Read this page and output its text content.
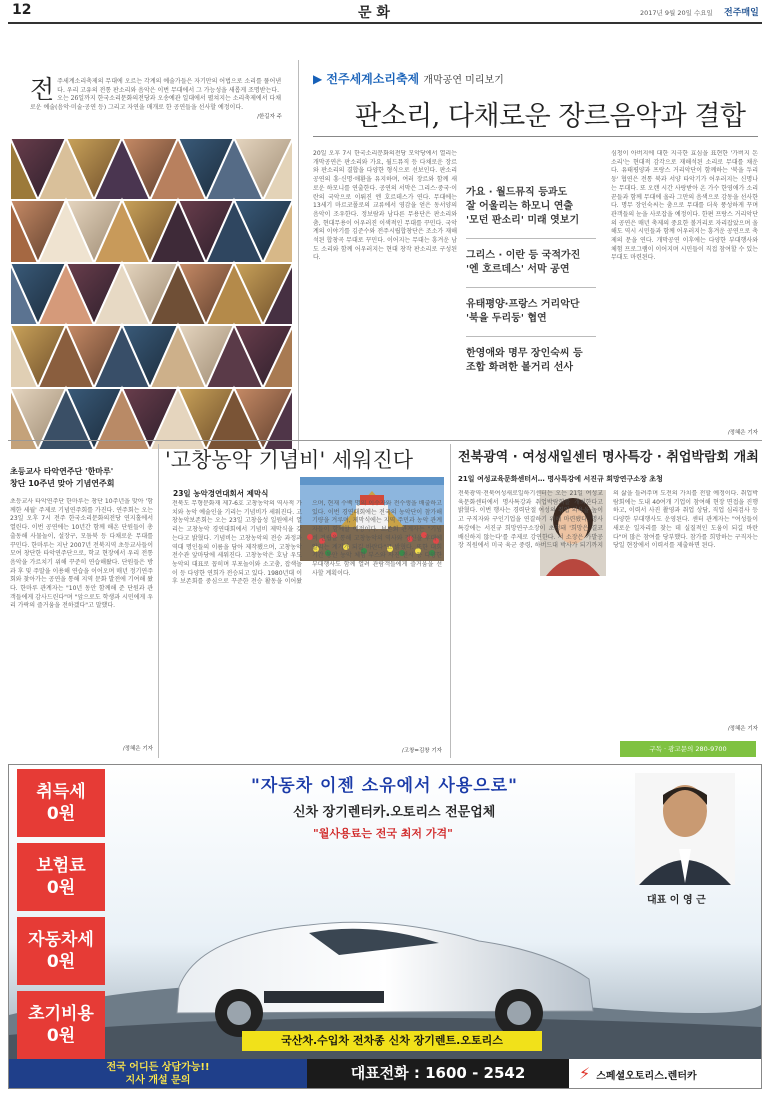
12	문 화	2017년 9월 20일 수요일 전주매일
전 주세계소리축제의 무대에 오르는 각계의 예술가들은 자기만의 어법으로 소리를 풀어낸다. 우리 고유의 전통 판소리와 음악은 이번 무대에서 그 가능성을 새롭게 조명받는다. 오는 26일까지 한국소리문화의전당과 오송예관 일대에서 펼쳐지는 소리축제에서 다채로운 예술(음악·미술·공연 등) 그리고 자연을 매개로 한 공연들을 선사할 예정이다.
/한길자 주
▶ 전주세계소리축제 개막공연 미리보기
판소리, 다채로운 장르음악과 결합
20일 오후 7시 한국소리문화의전당 모악당에서 열리는 개막공연은 판소리와 가요, 월드뮤직 등 다채로운 장르와 판소리의 결합을 다양한 형식으로 선보인다. 판소리 공연의 흥·신명·애환을 유지하며, 여러 장르와 함께 새로운 하모니를 연출한다. 공연의 서막은 그리스·중국·이란의 국악으로 이뤄진 엔 호르데스가 연다. 무대에는 13세기 마르코폴로의 교류에서 영감을 얻은 동서양의 음악이 조우한다. 정보람과 남다른 무용단은 판소리와 춤, 현대무용이 어우러진 이색적인 무대를 꾸민다. 국악계의 이야기를 김준수와 전주시립합창단은 조소가 재해석된 합창곡 무대로 꾸민다. 이어지는 무대는 흥겨운 남도 소리와 함께 어우러지는 현대 창작 판소리로 구성된다.
가요 · 월드뮤직 등과도
잘 어울리는 하모니 연출
'모던 판소리' 미래 엿보기
그리스 · 이란 등 국적가진
'엔 호르데스' 서막 공연
유태평양·프랑스 거리악단
'북을 두리둥' 협연
한영애와 명무 장인숙씨 등
조합 화려한 볼거리 선사
심청이 아버지에 대한 지극한 효심을 표현한 '가버지 돈소리'는 현대적 감각으로 재해석된 소리로 무대를 채운다. 유태평양과 프랑스 거리악단이 함께하는 '북을 두리둥' 협연은 전통 북과 서양 타악기가 어우러지는 신명나는 무대다. 또 오랜 시간 사랑받아 온 가수 한영애가 소리꾼들과 함께 무대에 올라 그만의 음색으로 감동을 선사한다. 명무 장인숙씨는 춤으로 무대를 더욱 풍성하게 꾸며 관객들의 눈을 사로잡을 예정이다. 한편 프랑스 거리악단의 공연은 매년 축제의 중요한 볼거리로 자리잡았으며 올해도 역시 시민들과 함께 어우러지는 흥겨운 공연으로 축제의 문을 연다. 개막공연 이후에는 다양한 부대행사와 체험 프로그램이 이어지며 시민들이 직접 참여할 수 있는 무대도 마련된다.
/정혜은 기자
초등교사 타악연주단 '한마루'
창단 10주년 맞아 기념연주회
초등교사 타악연주단 한마루는 창단 10주년을 맞아 '함께한 세월' 주제로 기념연주회를 가진다. 연주회는 오는 23일 오후 7시 전주 한국소리문화의전당 연지홀에서 열린다. 이번 공연에는 10년간 함께 해온 단원들이 총출동해 사물놀이, 설장구, 모듬북 등 다채로운 무대를 꾸민다. 한마루는 지난 2007년 전북지역 초등교사들이 모여 창단한 타악연주단으로, 학교 현장에서 우리 전통 음악을 가르치기 위해 꾸준히 연습해왔다. 단원들은 방과 후 및 주말을 이용해 연습을 이어오며 매년 정기연주회와 찾아가는 공연을 통해 지역 문화 발전에 기여해 왔다. 한마루 관계자는 "10년 동안 함께해 준 단원과 관객들에게 감사드린다"며 "앞으로도 학생과 시민에게 우리 가락의 즐거움을 전하겠다"고 말했다.
/정혜은 기자
'고창농악 기념비' 세워진다
23일 농악경연대회서 제막식
전북도 무형문화재 제7-6호 고창농악의 역사적 가치와 농악 예술인을 기리는 기념비가 세워진다. 고창농악보존회는 오는 23일 고창읍성 일원에서 열리는 고창농악 경연대회에서 기념비 제막식을 갖는다고 밝혔다. 기념비는 고창농악의 전승 과정과 역대 명인들의 이름을 담아 제작됐으며, 고창농악전수관 앞마당에 세워진다. 고창농악은 호남 우도농악의 대표로 꼽히며 부포놀이와 소고춤, 잡색놀이 등 다양한 연희가 전승되고 있다. 1980년대 이후 보존회를 중심으로 꾸준한 전승 활동을 이어왔으며, 현재 수백 명의 이수자와 전수생을 배출하고 있다. 이번 경연대회에는 전국의 농악단이 참가해 기량을 겨루며, 제막식에는 지역 주민과 농악 관계자들이 함께할 예정이다. 보존회 관계자는 "기념비 건립을 통해 고창농악의 역사와 정신을 후대에 알리는 계기가 되길 바란다"고 밝혔다. 또한 대회 기간 동안 농악 체험 부스와 사진 전시 등 다양한 부대행사도 함께 열려 관람객들에게 즐거움을 선사할 계획이다.
/고창=김창 기자
전북광역 · 여성새일센터 명사특강 · 취업박람회 개최
21일 여성교육문화센터서… 명사특강에 서진규 희망연구소장 초청
전북광역·전북여성새로일하기센터는 오는 21일 여성교육문화센터에서 명사특강과 취업박람회를 개최한다고 밝혔다. 이번 행사는 경력단절 여성의 취업 의욕을 높이고 구직자와 구인기업을 연결하기 위해 마련됐다. 명사특강에는 서진규 희망연구소장이 초청돼 '희망은 결코 배신하지 않는다'를 주제로 강연한다. 서 소장은 가발공장 직원에서 미국 육군 중령, 하버드대 박사가 되기까지의 삶을 들려주며 도전의 가치를 전할 예정이다. 취업박람회에는 도내 40여개 기업이 참여해 현장 면접을 진행하고, 이력서 사진 촬영과 취업 상담, 직업 심리검사 등 다양한 부대행사도 운영된다. 센터 관계자는 "여성들이 새로운 일자리를 찾는 데 실질적인 도움이 되길 바란다"며 많은 참여를 당부했다. 참가를 희망하는 구직자는 당일 현장에서 이력서를 제출하면 된다.
/정혜은 기자
구독 · 광고문의 280-9700
취득세
0원
보험료
0원
자동차세
0원
초기비용
0원
"자동차 이젠 소유에서 사용으로"
신차 장기렌터카.오토리스 전문업체
"월사용료는 전국 최저 가격"
대표 이 영 근
국산차.수입차 전차종 신차 장기렌트.오토리스
전국 어디든 상담가능!!
지사 개설 문의	대표전화 : 1600 - 2542	⚡ 스페셜오토리스.렌터카
